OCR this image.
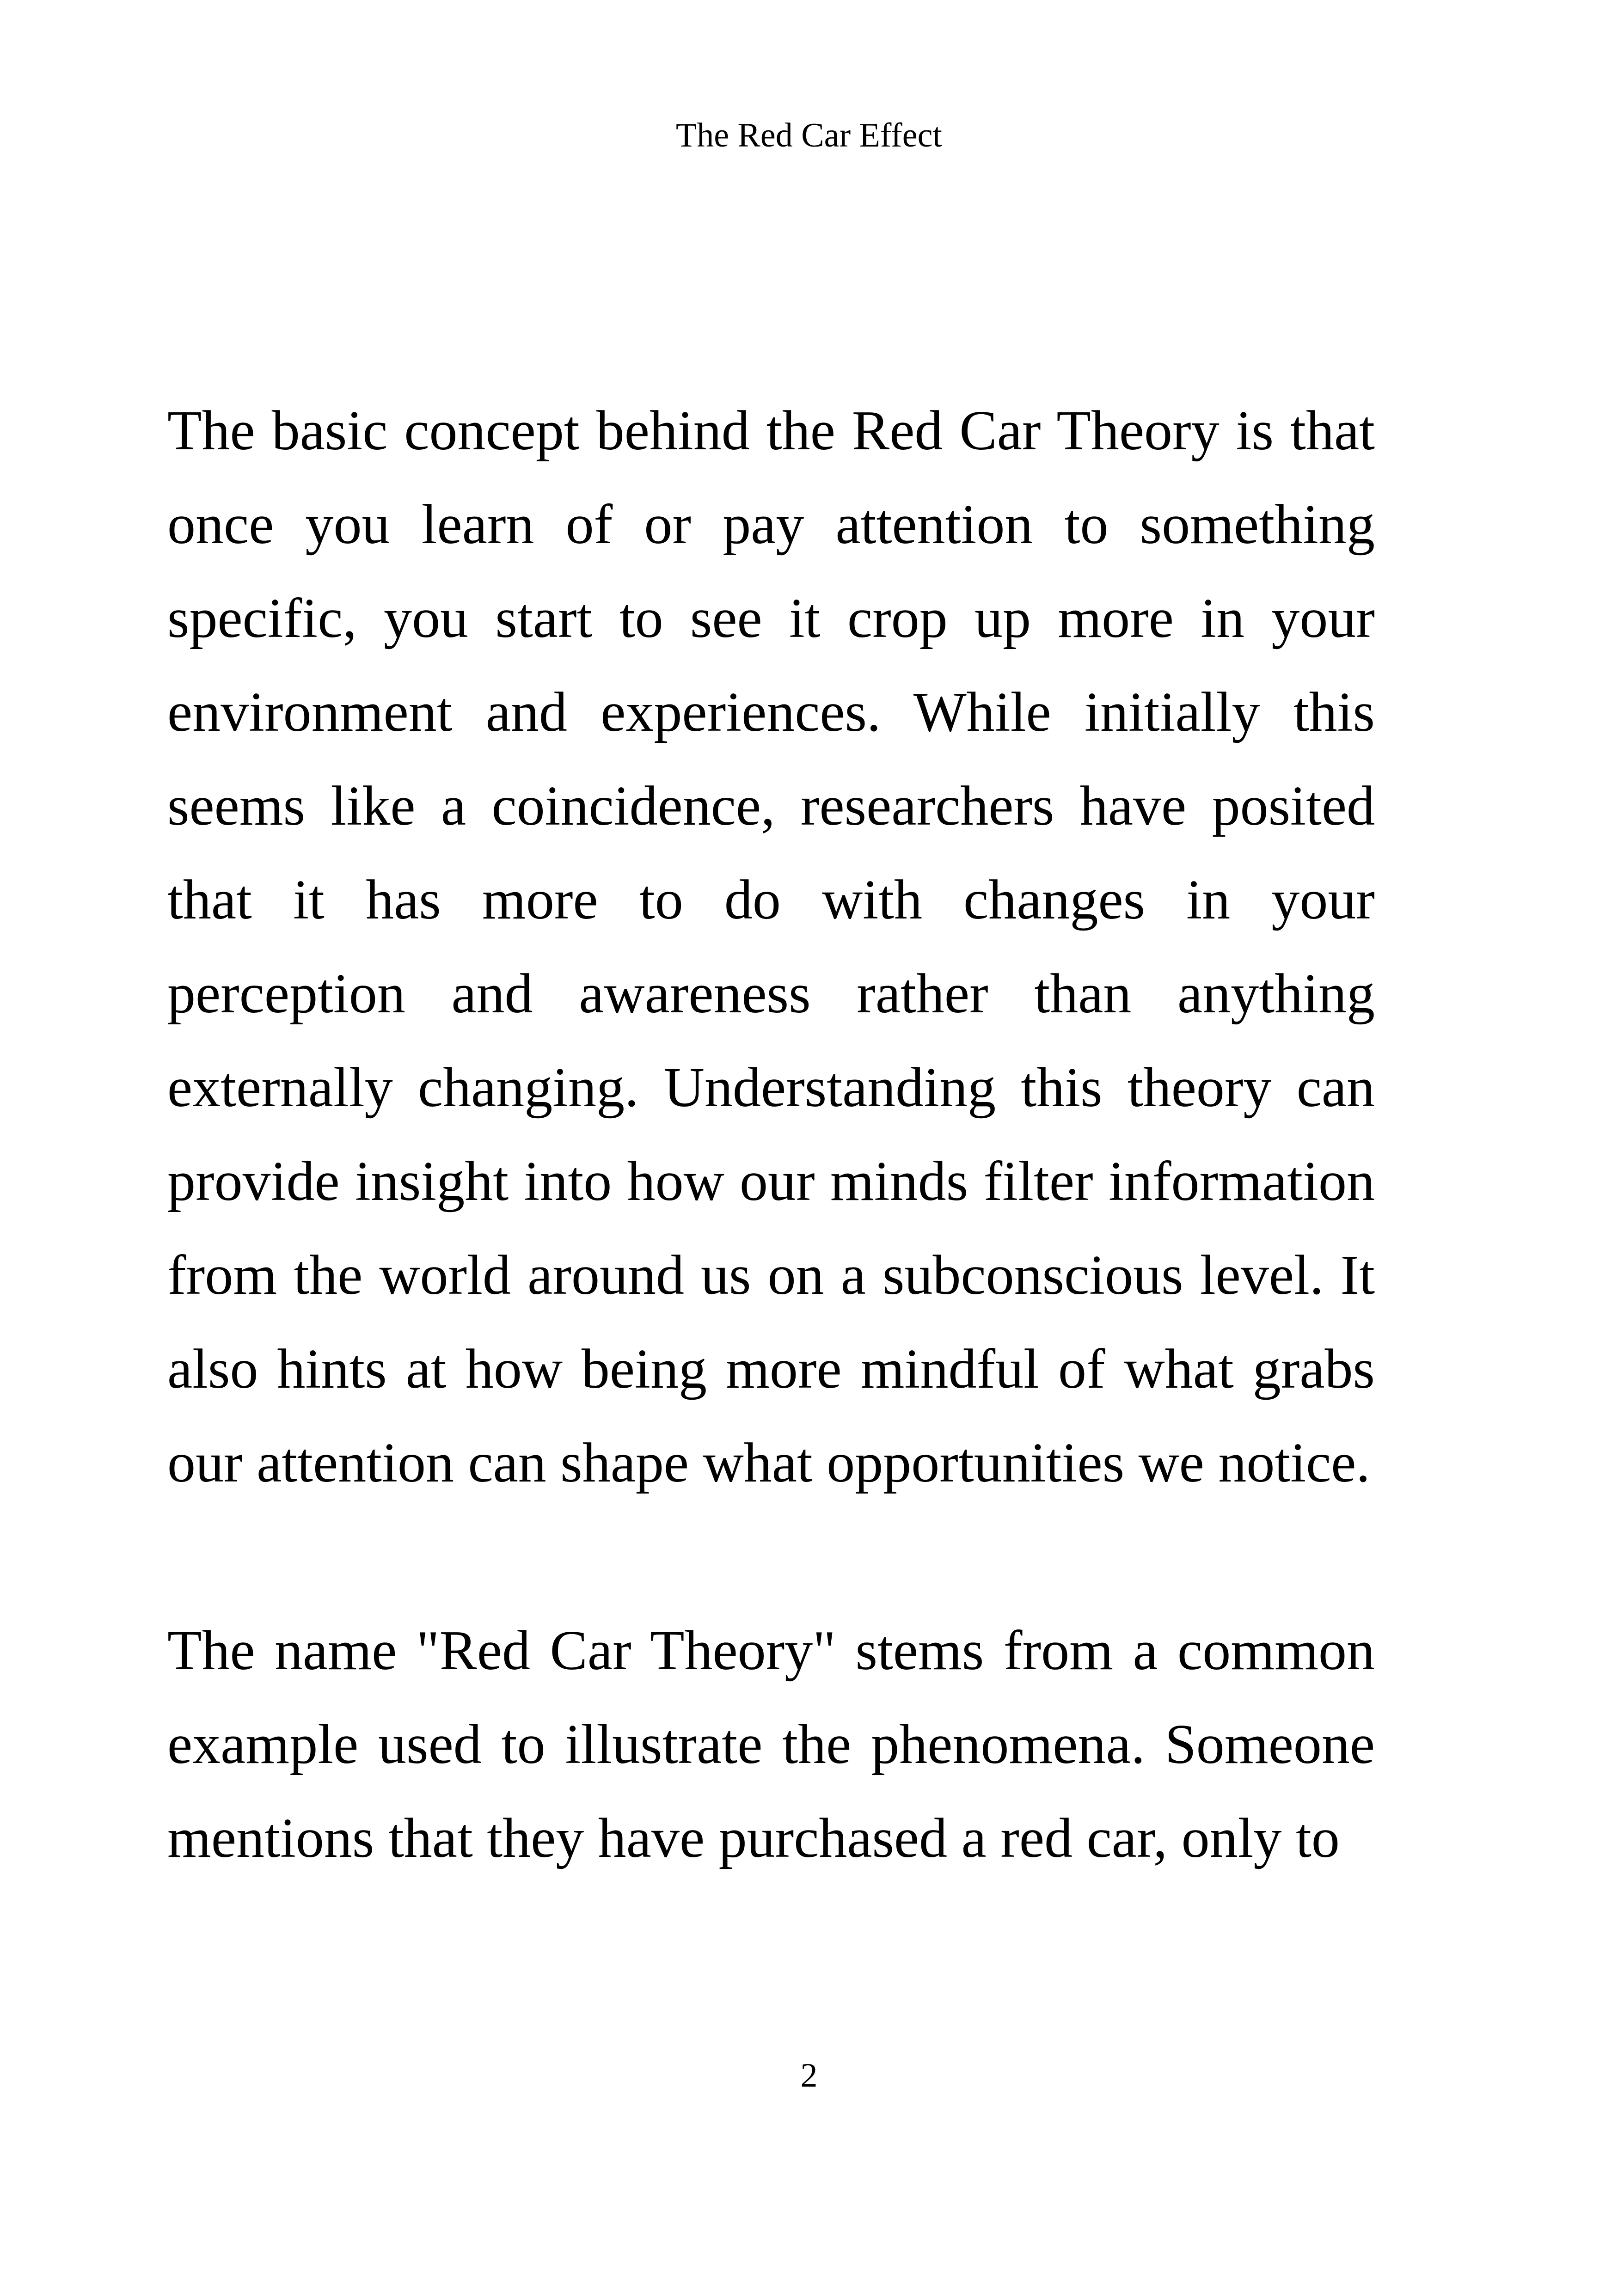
The Red Car Effect

The basic concept behind the Red Car Theory is that once you learn of or pay attention to something specific, you start to see it crop up more in your environment and experiences. While initially this seems like a coincidence, researchers have posited that it has more to do with changes in your perception and awareness rather than anything externally changing. Understanding this theory can provide insight into how our minds filter information from the world around us on a subconscious level. It also hints at how being more mindful of what grabs our attention can shape what opportunities we notice.

The name "Red Car Theory" stems from a common example used to illustrate the phenomena. Someone mentions that they have purchased a red car, only to

2
